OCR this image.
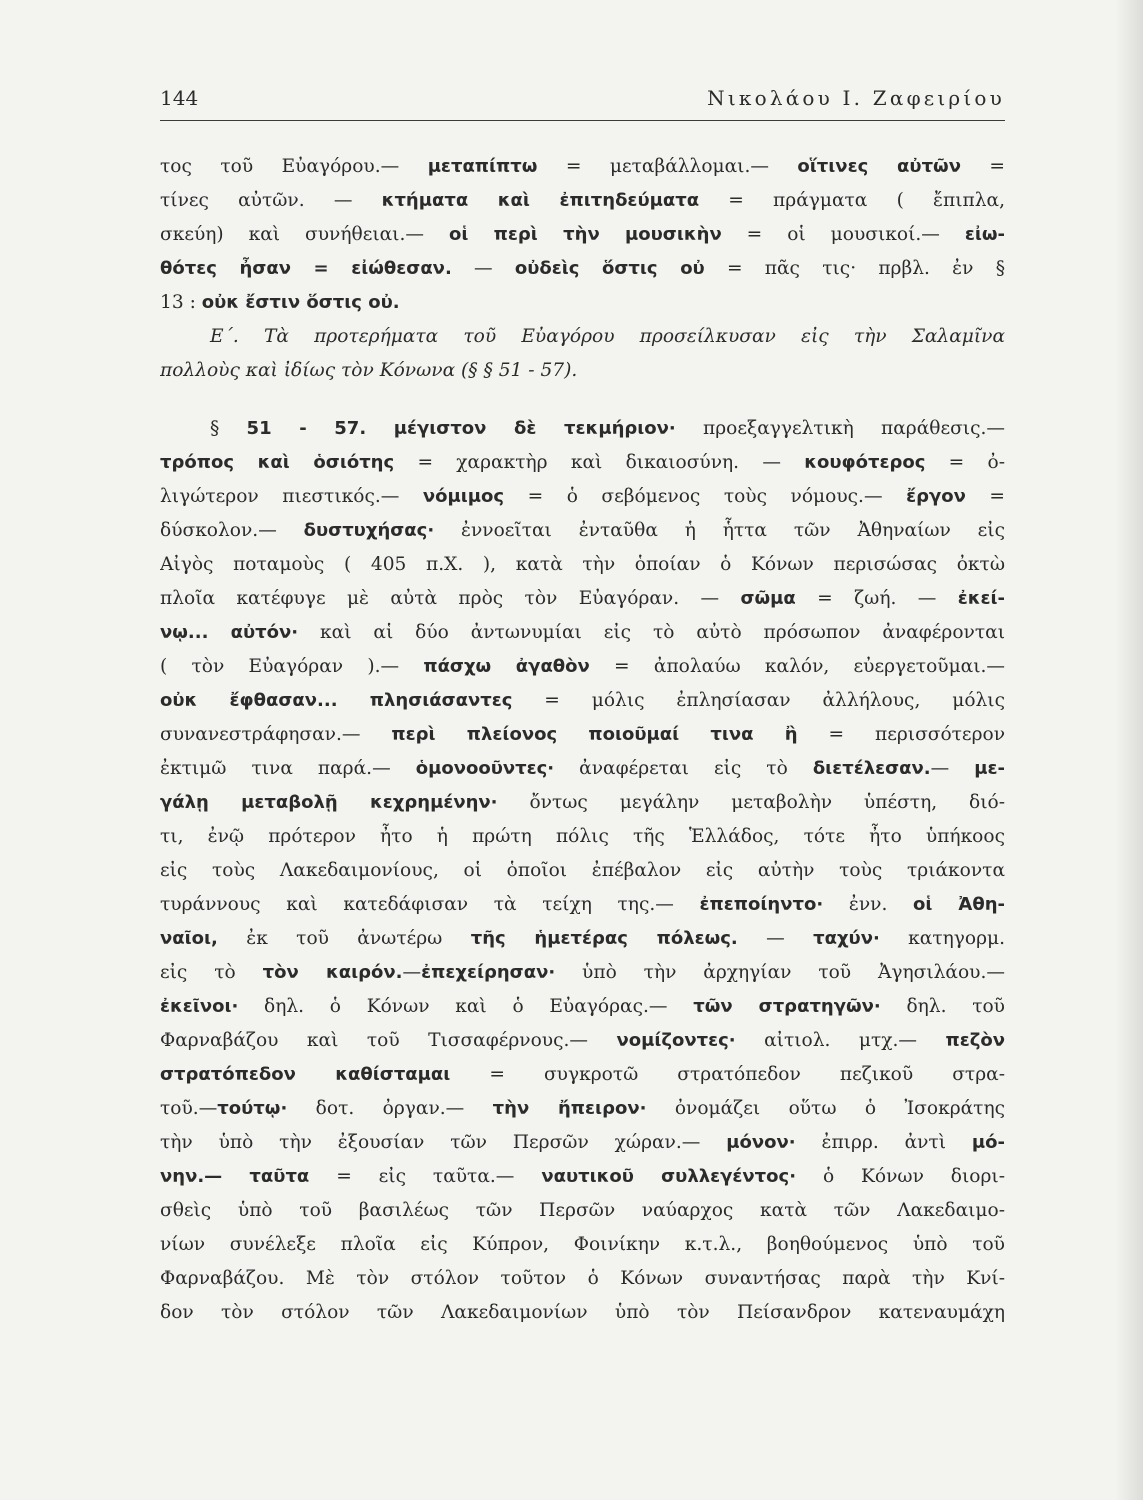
144	Νικολάου Ι. Ζαφειρίου
τος τοῦ Εὐαγόρου.— μεταπίπτω = μεταβάλλομαι.— οἵτινες αὐτῶν =
τίνες αὐτῶν. — κτήματα καὶ ἐπιτηδεύματα = πράγματα ( ἔπιπλα,
σκεύη) καὶ συνήθειαι.— οἱ περὶ τὴν μουσικὴν = οἱ μουσικοί.— εἰω-
θότες ἦσαν = εἰώθεσαν. — οὐδεὶς ὅστις οὐ = πᾶς τις· πρβλ. ἐν §
13 : οὐκ ἔστιν ὅστις οὐ.
Ε΄. Τὰ προτερήματα τοῦ Εὐαγόρου προσείλκυσαν εἰς τὴν Σαλαμῖνα
πολλοὺς καὶ ἰδίως τὸν Κόνωνα (§ § 51 - 57).
§ 51 - 57. μέγιστον δὲ τεκμήριον· προεξαγγελτικὴ παράθεσις.—
τρόπος καὶ ὁσιότης = χαρακτὴρ καὶ δικαιοσύνη. — κουφότερος = ὀ-
λιγώτερον πιεστικός.— νόμιμος = ὁ σεβόμενος τοὺς νόμους.— ἔργον =
δύσκολον.— δυστυχήσας· ἐννοεῖται ἐνταῦθα ἡ ἧττα τῶν Ἀθηναίων εἰς
Αἰγὸς ποταμοὺς ( 405 π.Χ. ), κατὰ τὴν ὁποίαν ὁ Κόνων περισώσας ὀκτὼ
πλοῖα κατέφυγε μὲ αὐτὰ πρὸς τὸν Εὐαγόραν. — σῶμα = ζωή. — ἐκεί-
νῳ... αὐτόν· καὶ αἱ δύο ἀντωνυμίαι εἰς τὸ αὐτὸ πρόσωπον ἀναφέρονται
( τὸν Εὐαγόραν ).— πάσχω ἀγαθὸν = ἀπολαύω καλόν, εὐεργετοῦμαι.—
οὐκ ἔφθασαν... πλησιάσαντες = μόλις ἐπλησίασαν ἀλλήλους, μόλις
συνανεστράφησαν.— περὶ πλείονος ποιοῦμαί τινα ἢ = περισσότερον
ἐκτιμῶ τινα παρά.— ὁμονοοῦντες· ἀναφέρεται εἰς τὸ διετέλεσαν.— με-
γάλῃ μεταβολῇ κεχρημένην· ὄντως μεγάλην μεταβολὴν ὑπέστη, διό-
τι, ἐνῷ πρότερον ἦτο ἡ πρώτη πόλις τῆς Ἑλλάδος, τότε ἦτο ὑπήκοος
εἰς τοὺς Λακεδαιμονίους, οἱ ὁποῖοι ἐπέβαλον εἰς αὐτὴν τοὺς τριάκοντα
τυράννους καὶ κατεδάφισαν τὰ τείχη της.— ἐπεποίηντο· ἐνν. οἱ Ἀθη-
ναῖοι, ἐκ τοῦ ἀνωτέρω τῆς ἡμετέρας πόλεως. — ταχύν· κατηγορμ.
εἰς τὸ τὸν καιρόν.—ἐπεχείρησαν· ὑπὸ τὴν ἀρχηγίαν τοῦ Ἀγησιλάου.—
ἐκεῖνοι· δηλ. ὁ Κόνων καὶ ὁ Εὐαγόρας.— τῶν στρατηγῶν· δηλ. τοῦ
Φαρναβάζου καὶ τοῦ Τισσαφέρνους.— νομίζοντες· αἰτιολ. μτχ.— πεζὸν
στρατόπεδον καθίσταμαι = συγκροτῶ στρατόπεδον πεζικοῦ στρα-
τοῦ.—τούτῳ· δοτ. ὀργαν.— τὴν ἤπειρον· ὀνομάζει οὕτω ὁ Ἰσοκράτης
τὴν ὑπὸ τὴν ἐξουσίαν τῶν Περσῶν χώραν.— μόνον· ἐπιρρ. ἀντὶ μό-
νην.— ταῦτα = εἰς ταῦτα.— ναυτικοῦ συλλεγέντος· ὁ Κόνων διορι-
σθεὶς ὑπὸ τοῦ βασιλέως τῶν Περσῶν ναύαρχος κατὰ τῶν Λακεδαιμο-
νίων συνέλεξε πλοῖα εἰς Κύπρον, Φοινίκην κ.τ.λ., βοηθούμενος ὑπὸ τοῦ
Φαρναβάζου. Μὲ τὸν στόλον τοῦτον ὁ Κόνων συναντήσας παρὰ τὴν Κνί-
δον τὸν στόλον τῶν Λακεδαιμονίων ὑπὸ τὸν Πείσανδρον κατεναυμάχη
